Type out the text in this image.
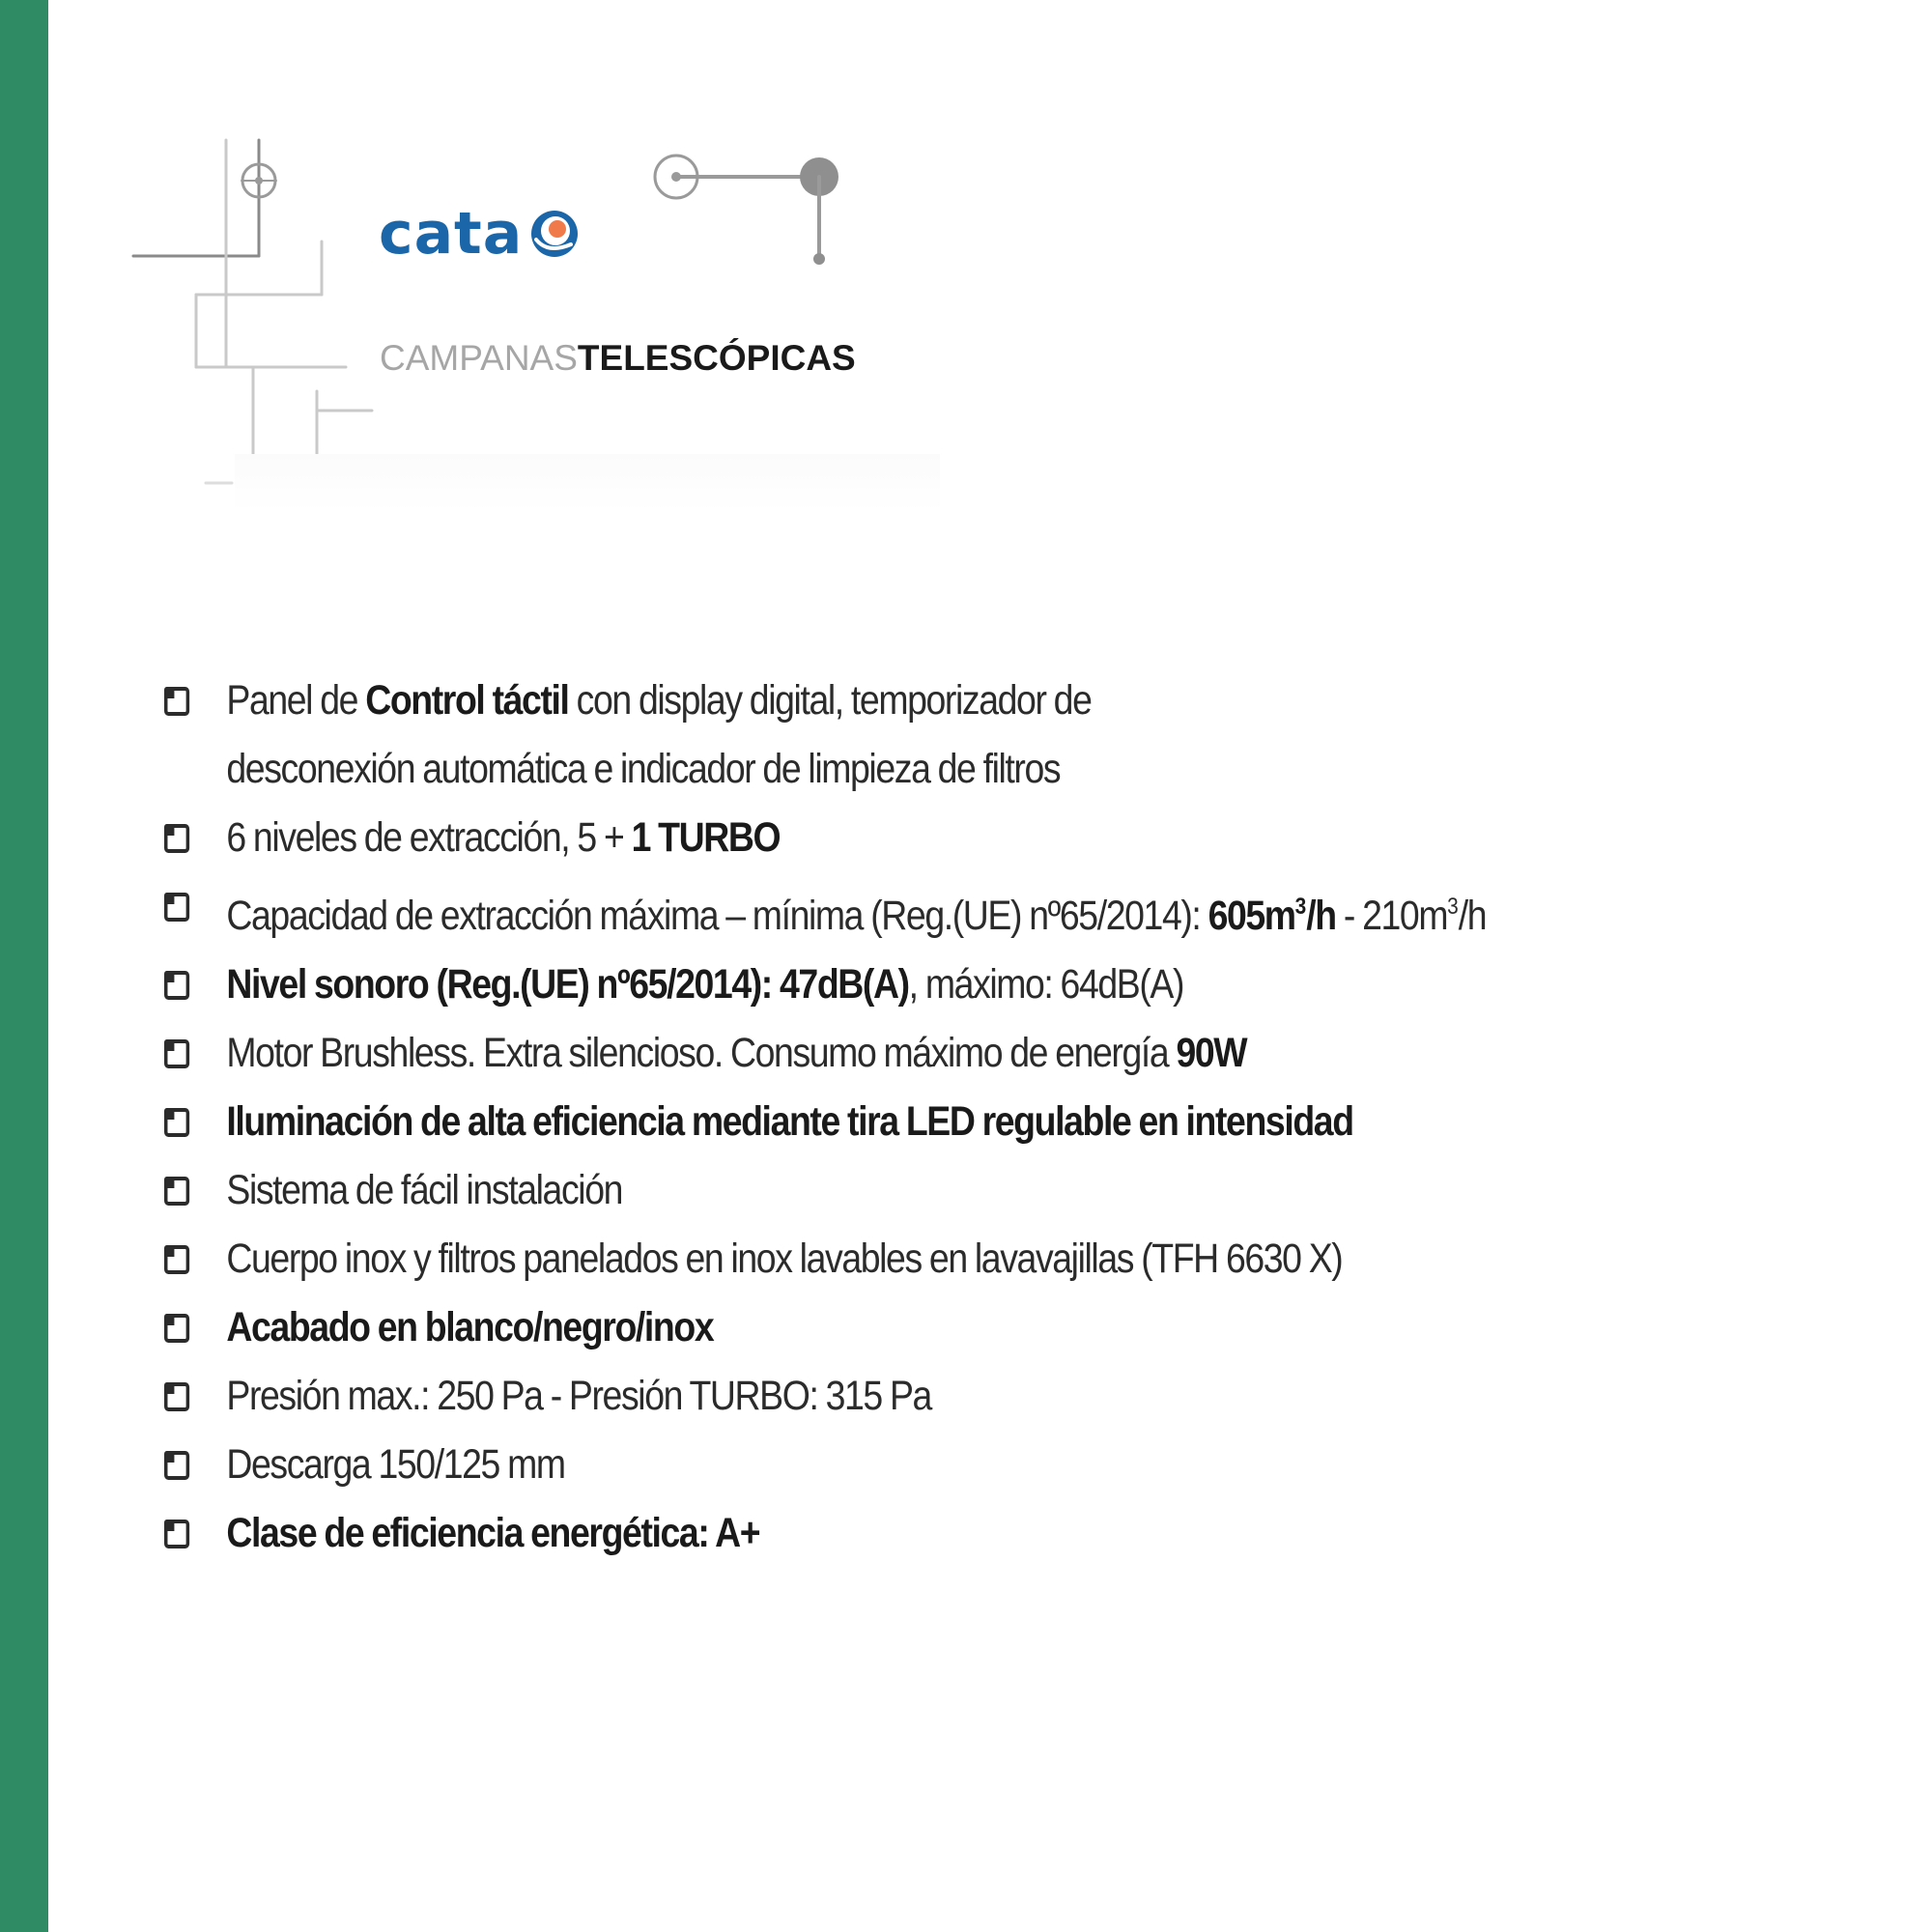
cata
CAMPANASTELESCÓPICAS
Panel de Control táctil con display digital, temporizador de
desconexión automática e indicador de limpieza de filtros
6 niveles de extracción, 5 + 1 TURBO
Capacidad de extracción máxima – mínima (Reg.(UE) nº65/2014): $605m^3/h - 210m^3/h$
Nivel sonoro (Reg.(UE) nº65/2014): 47dB(A), máximo: 64dB(A)
Motor Brushless. Extra silencioso. Consumo máximo de energía 90W
Iluminación de alta eficiencia mediante tira LED regulable en intensidad
Sistema de fácil instalación
Cuerpo inox y filtros panelados en inox lavables en lavavajillas (TFH 6630 X)
Acabado en blanco/negro/inox
Presión max.: 250 Pa - Presión TURBO: 315 Pa
Descarga 150/125 mm
Clase de eficiencia energética: A+
